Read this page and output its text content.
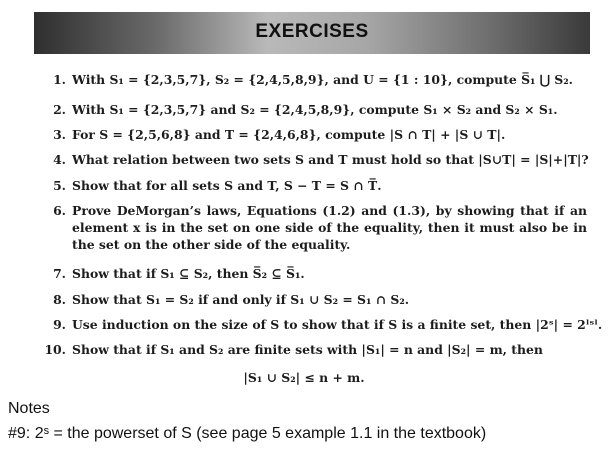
EXERCISES
1. With S₁ = {2,3,5,7}, S₂ = {2,4,5,8,9}, and U = {1 : 10}, compute S̅₁ ⋃ S₂.
2. With S₁ = {2,3,5,7} and S₂ = {2,4,5,8,9}, compute S₁ × S₂ and S₂ × S₁.
3. For S = {2,5,6,8} and T = {2,4,6,8}, compute |S ∩ T| + |S ∪ T|.
4. What relation between two sets S and T must hold so that |S∪T| = |S|+|T|?
5. Show that for all sets S and T, S − T = S ∩ T̅.
6. Prove DeMorgan’s laws, Equations (1.2) and (1.3), by showing that if an element x is in the set on one side of the equality, then it must also be in the set on the other side of the equality.
7. Show that if S₁ ⊆ S₂, then S̅₂ ⊆ S̅₁.
8. Show that S₁ = S₂ if and only if S₁ ∪ S₂ = S₁ ∩ S₂.
9. Use induction on the size of S to show that if S is a finite set, then |2ˢ| = 2ˡˢˡ.
10. Show that if S₁ and S₂ are finite sets with |S₁| = n and |S₂| = m, then
|S₁ ∪ S₂| ≤ n + m.
Notes
#9: 2ˢ = the powerset of S (see page 5 example 1.1 in the textbook)
